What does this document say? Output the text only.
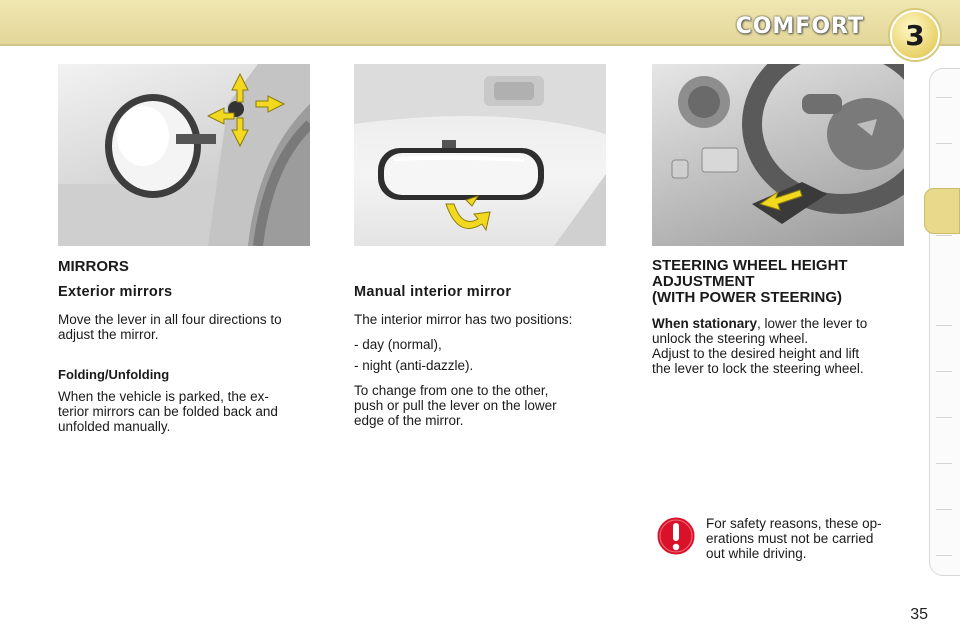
COMFORT	3
MIRRORS
Exterior mirrors
Move the lever in all four directions to
adjust the mirror.
Folding/Unfolding
When the vehicle is parked, the ex-
terior mirrors can be folded back and
unfolded manually.
Manual interior mirror
The interior mirror has two positions:
- day (normal),
- night (anti-dazzle).
To change from one to the other,
push or pull the lever on the lower
edge of the mirror.
STEERING WHEEL HEIGHT
ADJUSTMENT
(WITH POWER STEERING)
When stationary, lower the lever to
unlock the steering wheel.
Adjust to the desired height and lift
the lever to lock the steering wheel.
For safety reasons, these op-
erations must not be carried
out while driving.
35
